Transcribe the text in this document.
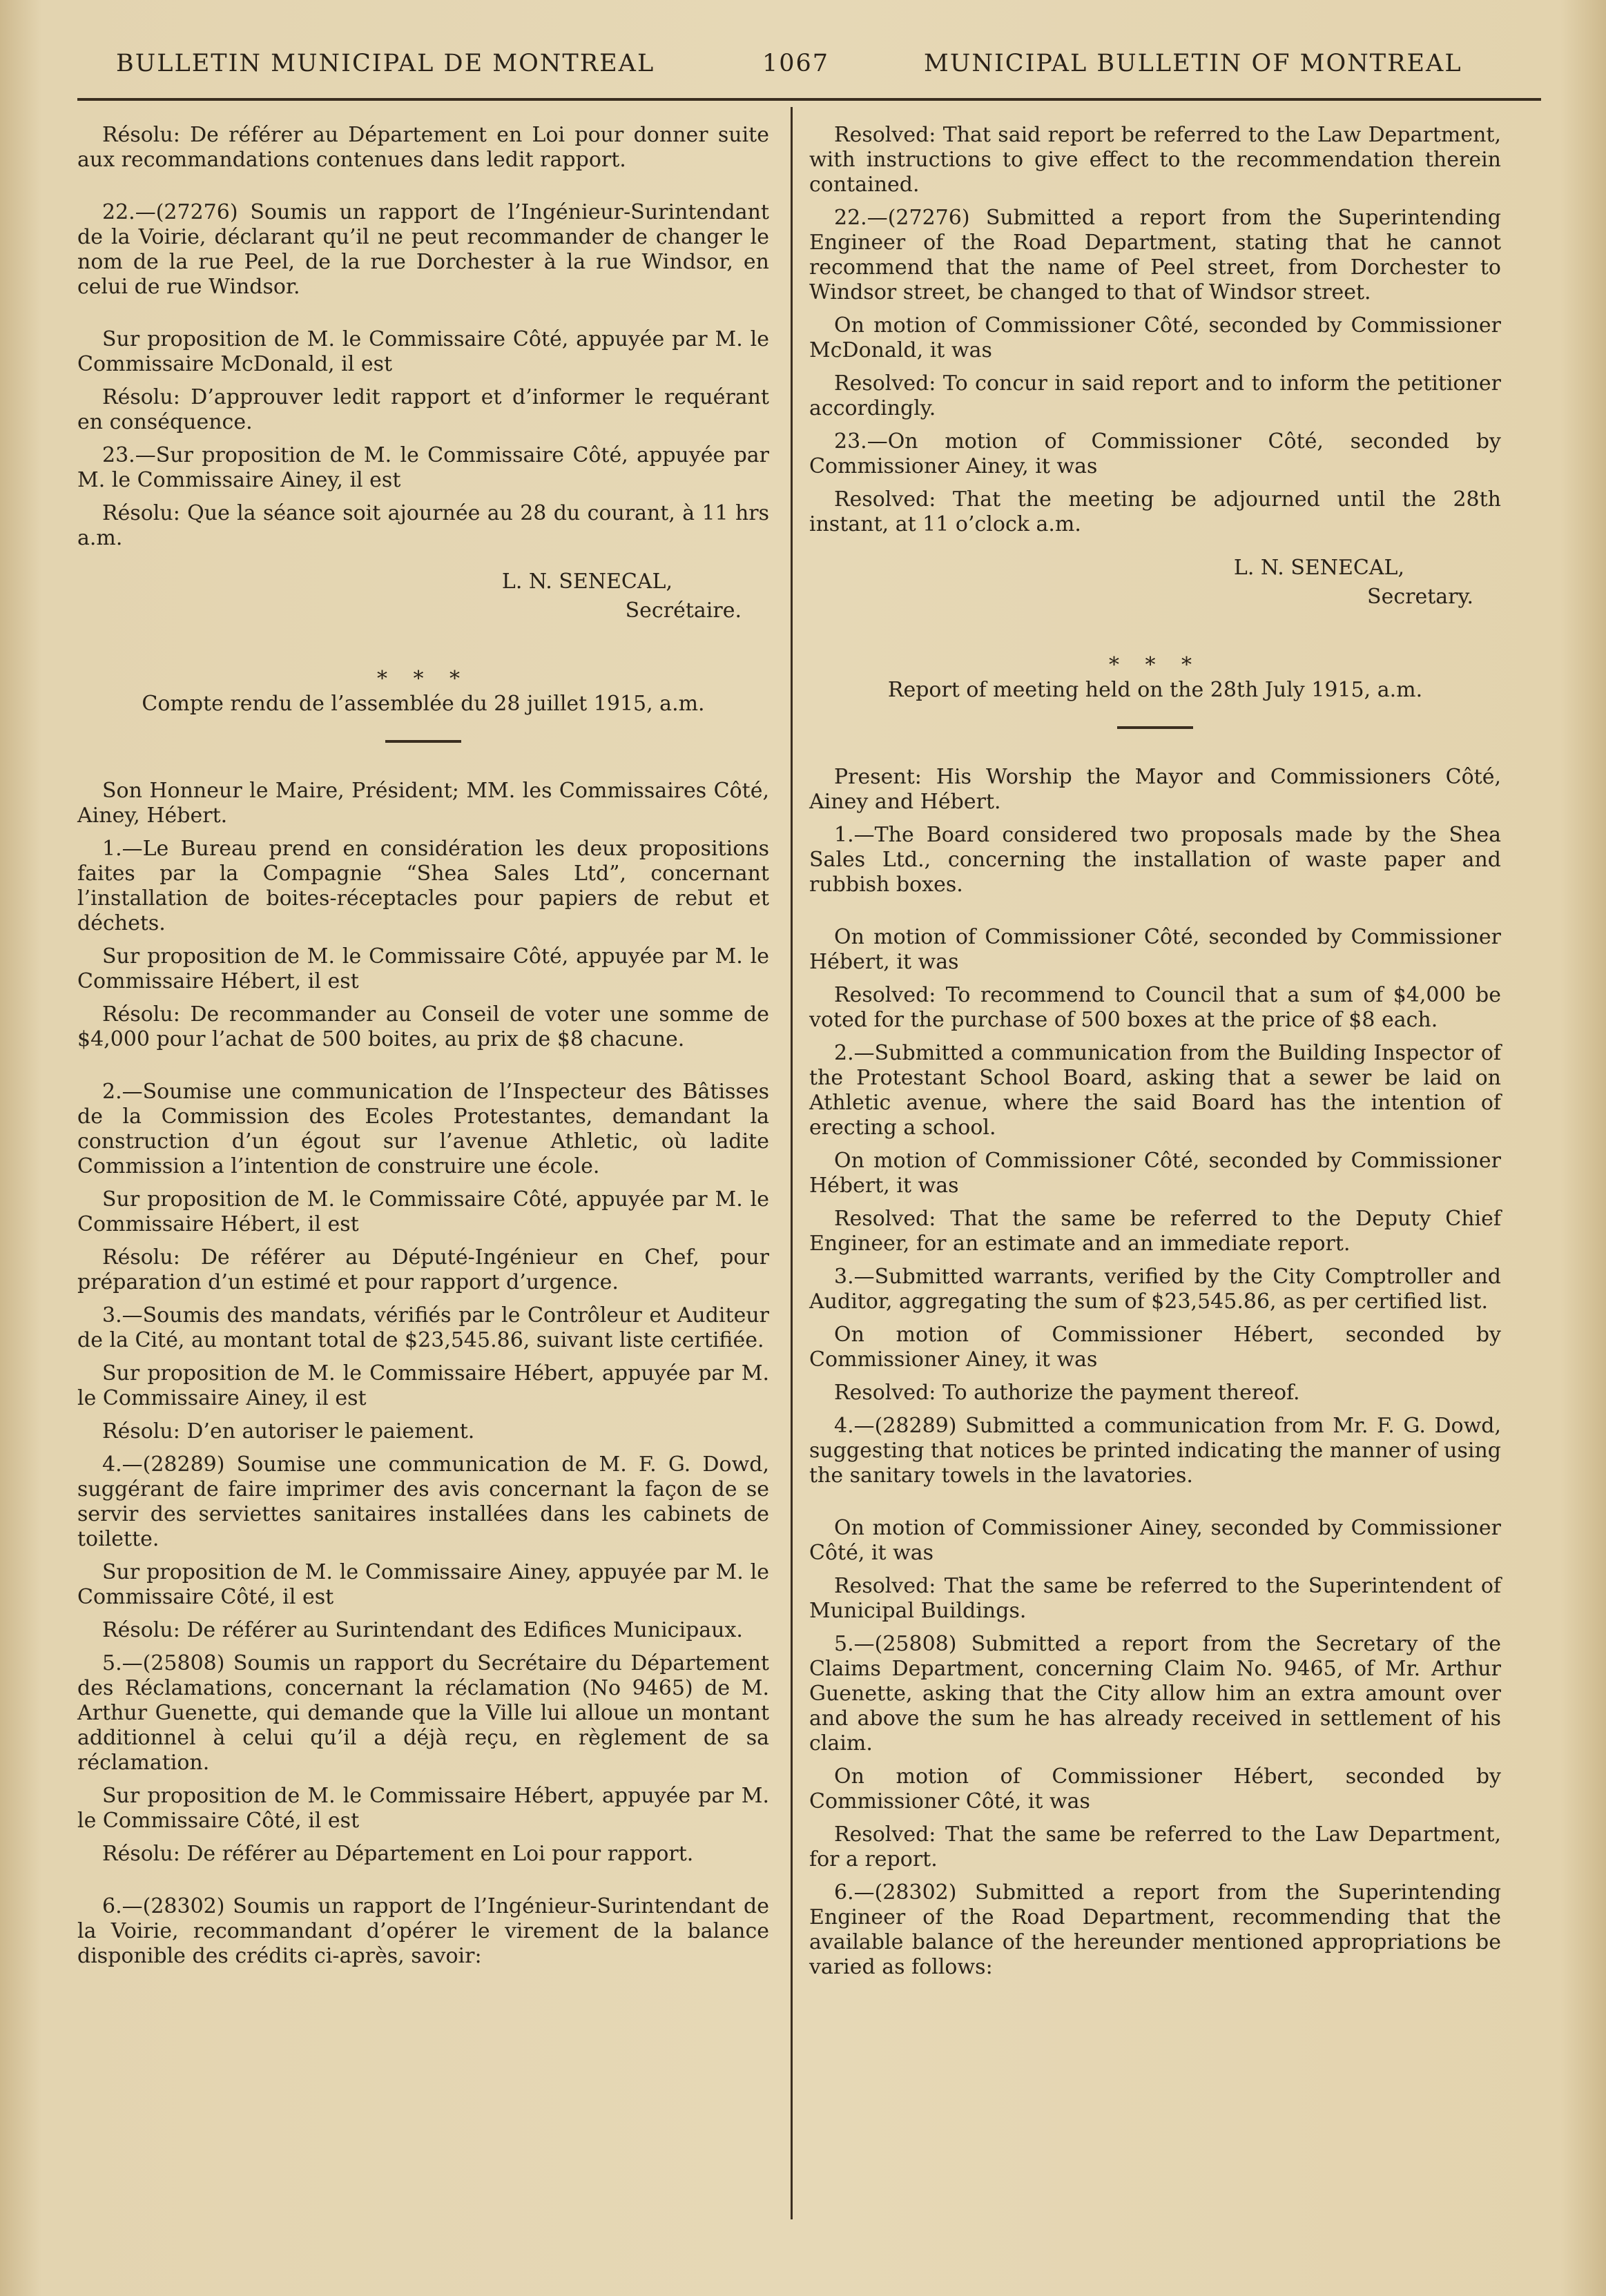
BULLETIN MUNICIPAL DE MONTREAL	1067	MUNICIPAL BULLETIN OF MONTREAL

Résolu: De référer au Département en Loi pour donner suite aux recommandations contenues dans ledit rapport.

22.—(27276) Soumis un rapport de l’Ingénieur-Surintendant de la Voirie, déclarant qu’il ne peut recommander de changer le nom de la rue Peel, de la rue Dorchester à la rue Windsor, en celui de rue Windsor.

Sur proposition de M. le Commissaire Côté, appuyée par M. le Commissaire McDonald, il est

Résolu: D’approuver ledit rapport et d’informer le requérant en conséquence.

23.—Sur proposition de M. le Commissaire Côté, appuyée par M. le Commissaire Ainey, il est

Résolu: Que la séance soit ajournée au 28 du courant, à 11 hrs a.m.

L. N. SENECAL,
Secrétaire.
* * *

Compte rendu de l’assemblée du 28 juillet 1915, a.m.

Son Honneur le Maire, Président; MM. les Commissaires Côté, Ainey, Hébert.

1.—Le Bureau prend en considération les deux propositions faites par la Compagnie “Shea Sales Ltd”, concernant l’installation de boites-réceptacles pour papiers de rebut et déchets.

Sur proposition de M. le Commissaire Côté, appuyée par M. le Commissaire Hébert, il est

Résolu: De recommander au Conseil de voter une somme de $4,000 pour l’achat de 500 boites, au prix de $8 chacune.

2.—Soumise une communication de l’Inspecteur des Bâtisses de la Commission des Ecoles Protestantes, demandant la construction d’un égout sur l’avenue Athletic, où ladite Commission a l’intention de construire une école.

Sur proposition de M. le Commissaire Côté, appuyée par M. le Commissaire Hébert, il est

Résolu: De référer au Député-Ingénieur en Chef, pour préparation d’un estimé et pour rapport d’urgence.

3.—Soumis des mandats, vérifiés par le Contrôleur et Auditeur de la Cité, au montant total de $23,545.86, suivant liste certifiée.

Sur proposition de M. le Commissaire Hébert, appuyée par M. le Commissaire Ainey, il est

Résolu: D’en autoriser le paiement.

4.—(28289) Soumise une communication de M. F. G. Dowd, suggérant de faire imprimer des avis concernant la façon de se servir des serviettes sanitaires installées dans les cabinets de toilette.

Sur proposition de M. le Commissaire Ainey, appuyée par M. le Commissaire Côté, il est

Résolu: De référer au Surintendant des Edifices Municipaux.

5.—(25808) Soumis un rapport du Secrétaire du Département des Réclamations, concernant la réclamation (No 9465) de M. Arthur Guenette, qui demande que la Ville lui alloue un montant additionnel à celui qu’il a déjà reçu, en règlement de sa réclamation.

Sur proposition de M. le Commissaire Hébert, appuyée par M. le Commissaire Côté, il est

Résolu: De référer au Département en Loi pour rapport.

6.—(28302) Soumis un rapport de l’Ingénieur-Surintendant de la Voirie, recommandant d’opérer le virement de la balance disponible des crédits ci-après, savoir:

Resolved: That said report be referred to the Law Department, with instructions to give effect to the recommendation therein contained.

22.—(27276) Submitted a report from the Superintending Engineer of the Road Department, stating that he cannot recommend that the name of Peel street, from Dorchester to Windsor street, be changed to that of Windsor street.

On motion of Commissioner Côté, seconded by Commissioner McDonald, it was

Resolved: To concur in said report and to inform the petitioner accordingly.

23.—On motion of Commissioner Côté, seconded by Commissioner Ainey, it was

Resolved: That the meeting be adjourned until the 28th instant, at 11 o’clock a.m.

L. N. SENECAL,
Secretary.
* * *

Report of meeting held on the 28th July 1915, a.m.

Present: His Worship the Mayor and Commissioners Côté, Ainey and Hébert.

1.—The Board considered two proposals made by the Shea Sales Ltd., concerning the installation of waste paper and rubbish boxes.

On motion of Commissioner Côté, seconded by Commissioner Hébert, it was

Resolved: To recommend to Council that a sum of $4,000 be voted for the purchase of 500 boxes at the price of $8 each.

2.—Submitted a communication from the Building Inspector of the Protestant School Board, asking that a sewer be laid on Athletic avenue, where the said Board has the intention of erecting a school.

On motion of Commissioner Côté, seconded by Commissioner Hébert, it was

Resolved: That the same be referred to the Deputy Chief Engineer, for an estimate and an immediate report.

3.—Submitted warrants, verified by the City Comptroller and Auditor, aggregating the sum of $23,545.86, as per certified list.

On motion of Commissioner Hébert, seconded by Commissioner Ainey, it was

Resolved: To authorize the payment thereof.

4.—(28289) Submitted a communication from Mr. F. G. Dowd, suggesting that notices be printed indicating the manner of using the sanitary towels in the lavatories.

On motion of Commissioner Ainey, seconded by Commissioner Côté, it was

Resolved: That the same be referred to the Superintendent of Municipal Buildings.

5.—(25808) Submitted a report from the Secretary of the Claims Department, concerning Claim No. 9465, of Mr. Arthur Guenette, asking that the City allow him an extra amount over and above the sum he has already received in settlement of his claim.

On motion of Commissioner Hébert, seconded by Commissioner Côté, it was

Resolved: That the same be referred to the Law Department, for a report.

6.—(28302) Submitted a report from the Superintending Engineer of the Road Department, recommending that the available balance of the hereunder mentioned appropriations be varied as follows:
